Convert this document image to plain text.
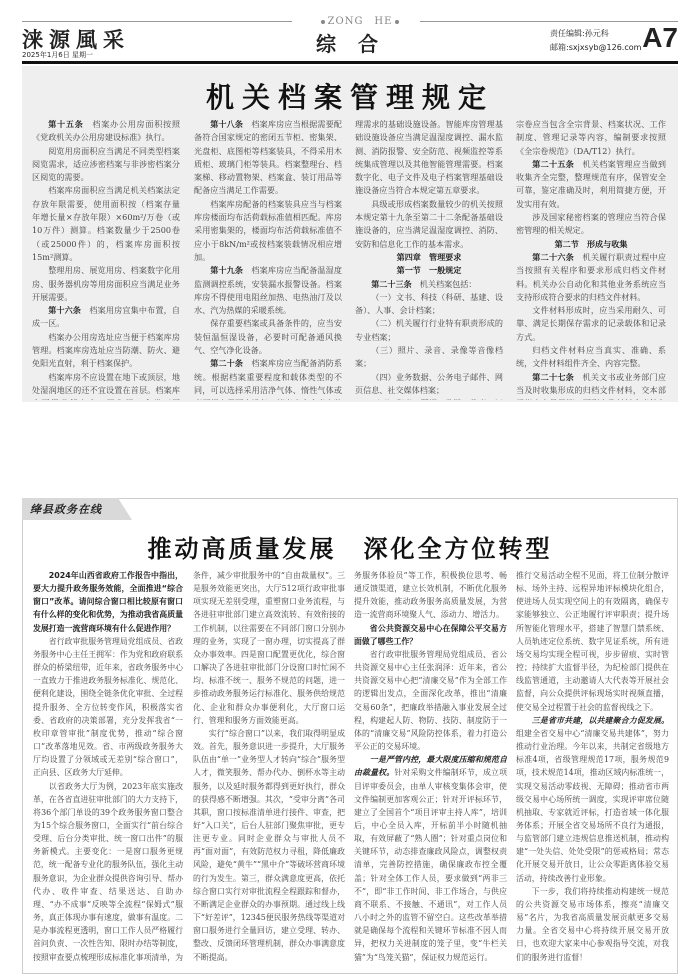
ZONG　HE
涞源風采
2025年1月6日 星期一	综合	责任编辑:孙元科
邮箱:sxjxsyb@126.com A7
机关档案管理规定

第十五条　 档案办公用房面积按照《党政机关办公用房建设标准》执行。

阅览用房面积应当满足不同类型档案阅览需求，适应涉密档案与非涉密档案分区阅览的需要。

档案库房面积应当满足机关档案法定存放年限需要，使用面积按（档案存量 年增长量×存放年限）×60m²/万卷（或10万件）测算。档案数量少于2500卷（或25000件）的，档案库房面积按15m²测算。

整理用房、展览用房、档案数字化用房、服务器机房等用房面积应当满足业务开展需要。

第十六条　 档案用房宜集中布置，自成一区。

档案办公用房选址应当便于档案库房管理。档案库房选址应当防潮、防火、避免阳光直射，利于档案保护。

档案库房不应设置在地下或顶层，地处湿润地区的还不宜设置在首层。档案库

第十八条　 档案库房应当根据需要配备符合国家规定的密闭五节柜、密集架、光盘柜、底图柜等档案装具，不得采用木质柜、玻璃门柜等装具。档案整理台、档案梯、移动置物架、档案盒、装订用品等配备应当满足工作需要。

档案库房配备的档案装具应当与档案库房楼面均布活荷载标准值相匹配。库房采用密集架的，楼面均布活荷载标准值不应小于8kN/m²或按档案装载情况相应增加。

第十九条　 档案库房应当配备温湿度监测调控系统，安装漏水报警设备。档案库房不得使用电阻丝加热、电热油汀及以水、汽为热媒的采暖系统。

保存重要档案或具备条件的，应当安装恒温恒湿设备，必要时可配备通风换气、空气净化设备。

第二十条　 档案库房应当配备消防系统。根据档案重要程度和载体类型的不同，可以选择采用洁净气体、惰性气体或

理需求的基础设施设备。智能库房管理基础设施设备应当满足温湿度调控、漏水监测、消防报警、安全防范、视频监控等系统集成管理以及其他智能管理需要。档案数字化、电子文件及电子档案管理基础设施设备应当符合本规定第五章要求。

具级或形成档案数量较少的机关按照本规定第十九条至第二十二条配备基础设施设备的，应当满足温湿度调控、消防、安防和信息化工作的基本需求。

第四章　管理要求

第一节　一般规定

第二十三条　 机关档案包括：

（一）文书、科技（科研、基建、设备）、人事、会计档案；

（二）机关履行行业特有职责形成的专业档案；

（三）照片、录音、录像等音像档案；

（四）业务数据、公务电子邮件、网页信息、社交媒体档案；

宗卷应当包含全宗背景、档案状况、工作制度、管理记录等内容，编制要求按照《全宗卷规范》（DA/T12）执行。

第二十五条　 机关档案管理应当做到收集齐全完整，整理规范有序，保管安全可靠，鉴定准确及时，利用简捷方便，开发实用有效。

涉及国家秘密档案的管理应当符合保密管理的相关规定。

第二节　形成与收集

第二十六条　 机关履行职责过程中应当按照有关程序和要求形成归档文件材料。机关办公自动化和其他业务系统应当支持形成符合要求的归档文件材料。

文件材料形成时，应当采用耐久、可靠、满足长期保存需求的记录载体和记录方式。

归档文件材料应当真实、准确、系统，文件材料组件齐全、内容完整。

第二十七条　 机关文书或业务部门应当及时收集形成的归档文件材料，交本部

绛县政务在线
推动高质量发展　深化全方位转型

2024年山西省政府工作报告中指出，要大力提升政务服务效能，全面推进“综合窗口”改革。请问综合窗口相比较原有窗口有什么样的变化和优势，为推动我省高质量发展打造一流营商环境有什么促进作用？

省行政审批服务管理局党组成员、省政务服务中心主任王拥军：作为党和政府联系群众的桥梁纽带，近年来，省政务服务中心一直致力于推进政务服务标准化、规范化、便利化建设，围绕全链条优化审批、全过程提升服务、全方位转变作风，积极落实省委、省政府的决策部署，充分发挥我省“一枚印章管审批”制度优势，推动“综合窗口”改革落地见效。省、市两级政务服务大厅均设置了分领域或无差别“综合窗口”，正向县、区政务大厅延伸。

以省政务大厅为例，2023年底实施改革，在各省直进驻审批部门的大力支持下，将36个部门单设的39个政务服务窗口整合为15个综合服务窗口，全面实行“前台综合受理、后台分类审批、统一窗口出件”的服务新模式。主要变化：一是窗口服务更规范，统一配备专业化的服务队伍，强化主动服务意识，为企业群众提供咨询引导、帮办代办、收件审查、结果送达、自助办理、“办不成事”反映等全流程“保姆式”服务，真正体现办事有速度，做事有温度。二是办事流程更透明，窗口工作人员严格履行首问负责、一次性告知、限时办结等制度，按照审查要点梳理形成标准化事项清单，为

条件，减少审批服务中的“自由裁量权”。三是服务效能更突出，大厅512项行政审批事项实现无差别受理，重塑窗口业务流程，与各进驻审批部门建立高效流转、有效衔接的工作机制，以往需要在不同部门窗口分别办理的业务，实现了一窗办理，切实提高了群众办事效率。四是窗口配置更优化，综合窗口解决了各进驻审批部门分设窗口时忙闲不均、标准不统一、服务不规范的问题，进一步推动政务服务运行标准化、服务供给规范化、企业和群众办事便利化，大厅窗口运行、管理和服务方面效能更高。

实行“综合窗口”以来，我们取得明显成效。首先，服务意识进一步提升，大厅服务队伍由“单一”业务型人才转向“综合”服务型人才，微笑服务、帮办代办、倒杯水等主动服务，以及延时服务都得到更好执行，群众的获得感不断增强。其次，“受审分离”各司其职，窗口按标准清单进行接件、审查，把好“入口关”，后台人驻部门聚焦审批，更专注更专业。同时企业群众与审批人员不再“面对面”，有效防范权力寻租，降低廉政风险，避免“黄牛”“黑中介”等破坏营商环境的行为发生。第三，群众满意度更高，依托综合窗口实行对审批流程全程跟踪和督办，不断满足企业群众的办事预期。通过线上线下“好差评”，12345便民服务热线等渠道对窗口服务进行全量回访，建立受理、转办、整改、反馈闭环管理机制，群众办事满意度不断提高。

务服务体验员”等工作，积极换位思考、畅通反馈渠道，建立长效机制，不断优化服务提升效能，推动政务服务高质量发展，为营造一流营商环境聚人气、添动力、增活力。

省公共资源交易中心在保障公平交易方面做了哪些工作？

省行政审批服务管理局党组成员、省公共资源交易中心主任张润泽：近年来，省公共资源交易中心把“清廉交易”作为全部工作的逻辑出发点，全面深化改革，推出“清廉交易60条”，把廉政举措融入事业发展全过程，构建起人防、物防、技防、制度防于一体的“清廉交易”风险防控体系，着力打造公平公正的交易环境。

一是严管内控，最大限度压缩和规范自由裁量权。针对采购文件编制环节，成立项目评审委员会，由单人审核变集体会审，使文件编制更加客观公正；针对开评标环节，建立了全国首个“项目评审主持人库”，培训后，中心全员入库，开标前半小时随机抽取，有效屏蔽了“熟人圈”；针对重点岗位和关键环节，动态排查廉政风险点，调整权责清单，完善防控措施，确保廉政布控全覆盖；针对全体工作人员，要求做到“两非三不”，即“非工作时间、非工作场合，与供应商不联系、不接触、不通讯”，对工作人员八小时之外的监管不留空白。这些改革举措就是确保每个流程和关键环节标准不因人而异，把权力关进制度的笼子里，变“牛栏关猫”为“鸟笼关猫”，保证权力规范运行。

推行交易活动全程不见面，将工位制分散评标、场外主持、远程异地评标模块化组合，使进场人员实现空间上的有效隔离，确保专家能够独立、公正地履行评审职责；提升场所智能化管理水平，搭建了智慧门禁系统、人员轨迹定位系统、数字见证系统，所有进场交易均实现全程可视，步步留痕、实时管控；持续扩大监督半径，为纪检部门提供在线监管通道，主动邀请人大代表等开展社会监督，向公众提供评标现场实时视频直播，使交易全过程置于社会的监督视线之下。

三是省市共建，以共建聚合力促发展。组建全省交易中心“清廉交易共建体”，努力推动行业治理。今年以来，共制定省级地方标准4项，省级管理规范17项，服务规范9项，技术规范14项，推动区域内标准统一，实现交易活动零歧视、无障碍；推动省市两级交易中心场所统一调度，实现评审席位随机抽取、专家就近评标，打造省域一体化服务体系；开展全省交易场所不良行为通报，与监管部门建立违规信息推送机制，推动构建“一处失信、处处受限”的惩戒格局；常态化开展交易开放日，让公众零距离体验交易活动，持续改善行业形象。

下一步，我们将持续推动构建统一规范的公共资源交易市场体系，擦亮“清廉交易”名片，为我省高质量发展贡献更多交易力量。全省交易中心将持续开展交易开放日，也欢迎大家来中心参观指导交流，对我们的服务进行监督！
